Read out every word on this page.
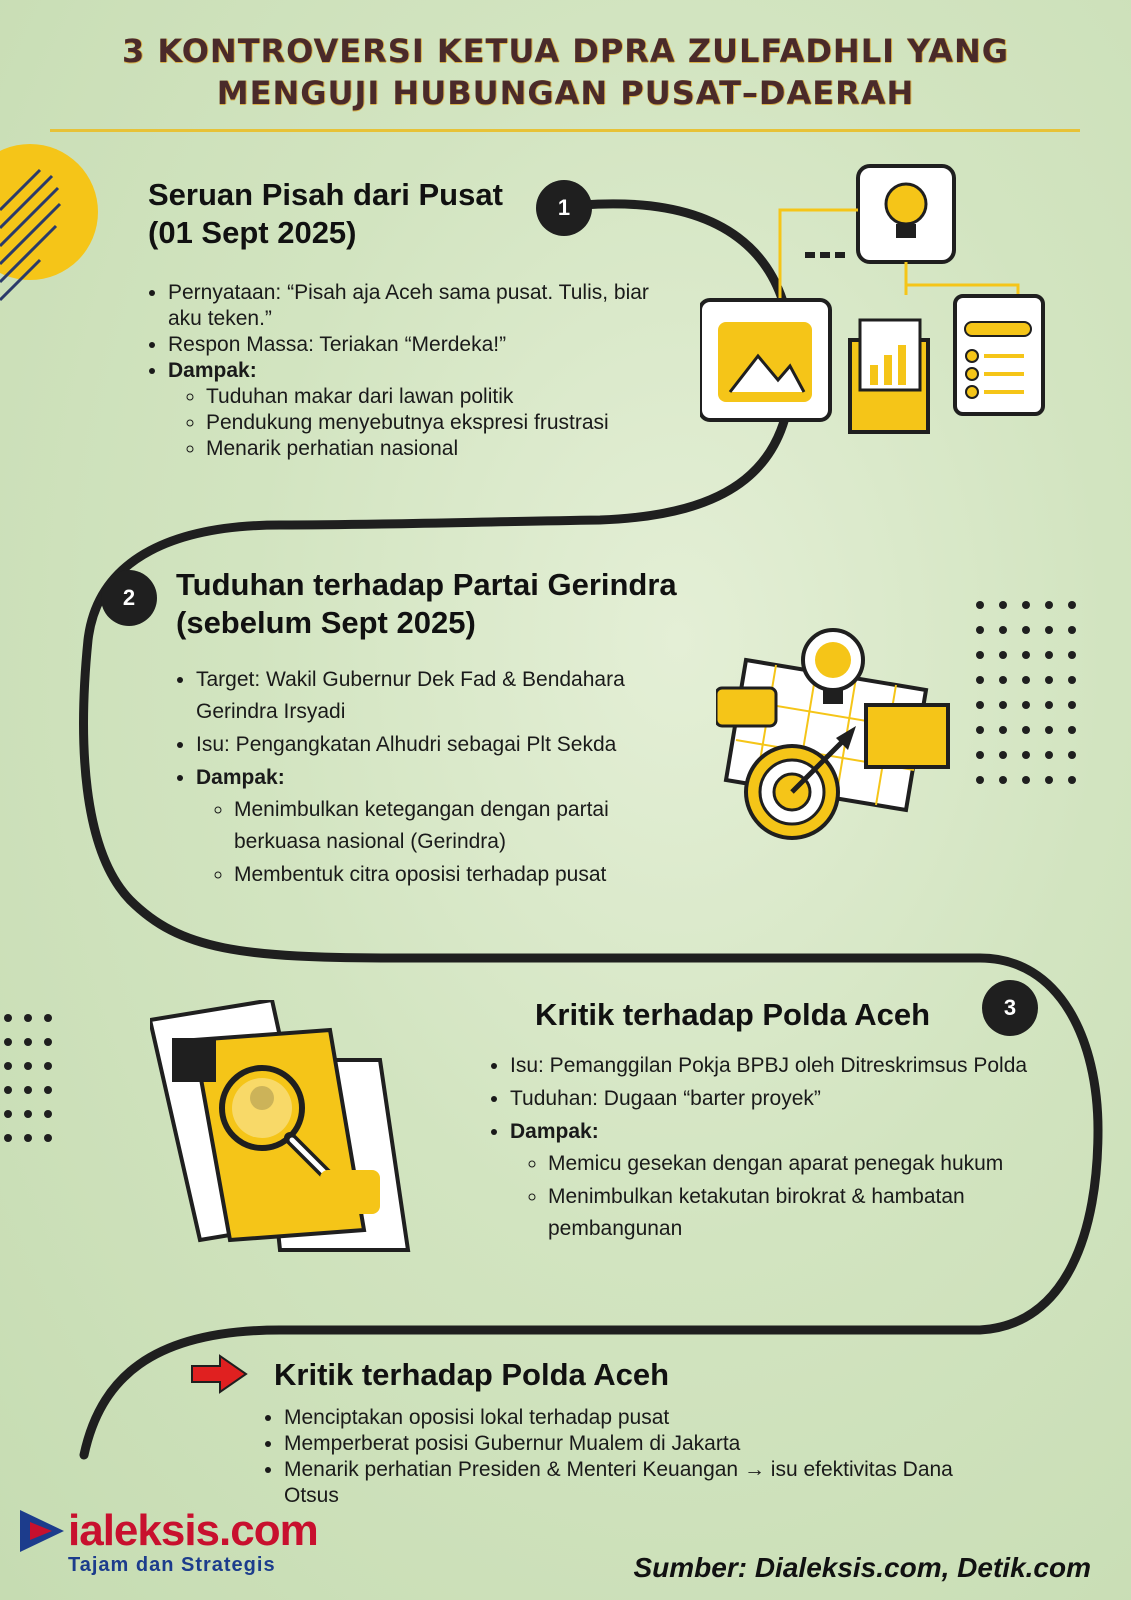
3 KONTROVERSI KETUA DPRA ZULFADHLI YANG
MENGUJI HUBUNGAN PUSAT–DAERAH
1
Seruan Pisah dari Pusat
(01 Sept 2025)
• Pernyataan: “Pisah aja Aceh sama pusat. Tulis, biar aku teken.”
• Respon Massa: Teriakan “Merdeka!”
• Dampak:
◦ Tuduhan makar dari lawan politik
◦ Pendukung menyebutnya ekspresi frustrasi
◦ Menarik perhatian nasional
2	Tuduhan terhadap Partai Gerindra
(sebelum Sept 2025)
• Target: Wakil Gubernur Dek Fad & Bendahara Gerindra Irsyadi
• Isu: Pengangkatan Alhudri sebagai Plt Sekda
• Dampak:
◦ Menimbulkan ketegangan dengan partai berkuasa nasional (Gerindra)
◦ Membentuk citra oposisi terhadap pusat
3
Kritik terhadap Polda Aceh
• Isu: Pemanggilan Pokja BPBJ oleh Ditreskrimsus Polda
• Tuduhan: Dugaan “barter proyek”
• Dampak:
◦ Memicu gesekan dengan aparat penegak hukum
◦ Menimbulkan ketakutan birokrat & hambatan pembangunan
Kritik terhadap Polda Aceh
• Menciptakan oposisi lokal terhadap pusat
• Memperberat posisi Gubernur Mualem di Jakarta
• Menarik perhatian Presiden & Menteri Keuangan → isu efektivitas Dana Otsus
ialeksis.com
Tajam dan Strategis	Sumber: Dialeksis.com, Detik.com
